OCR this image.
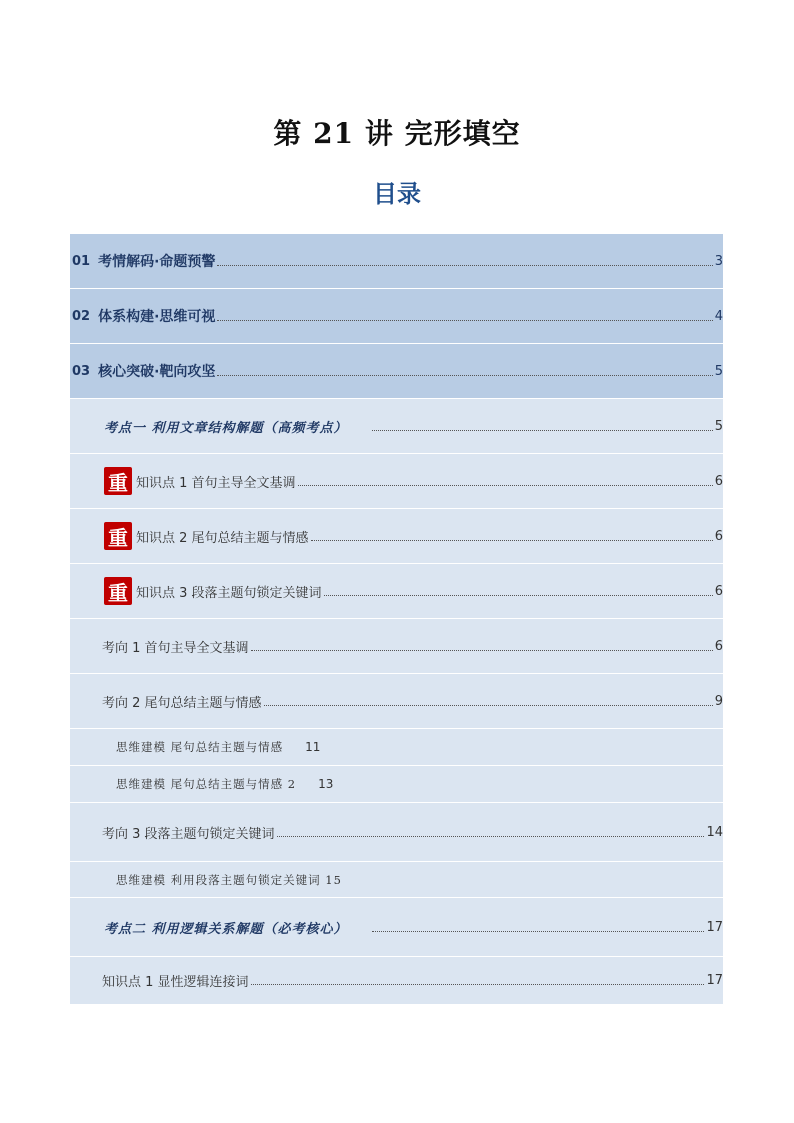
第 21 讲 完形填空
目录
01 考情解码·命题预警	3
02 体系构建·思维可视	4
03 核心突破·靶向攻坚	5
考点一 利用文章结构解题（高频考点）	5
重 知识点 1 首句主导全文基调	6
重 知识点 2 尾句总结主题与情感	6
重 知识点 3 段落主题句锁定关键词	6
考向 1 首句主导全文基调	6
考向 2 尾句总结主题与情感	9
思维建模 尾句总结主题与情感 11
思维建模 尾句总结主题与情感 2 13
考向 3 段落主题句锁定关键词	14
思维建模 利用段落主题句锁定关键词 15
考点二 利用逻辑关系解题（必考核心）	17
知识点 1 显性逻辑连接词	17
